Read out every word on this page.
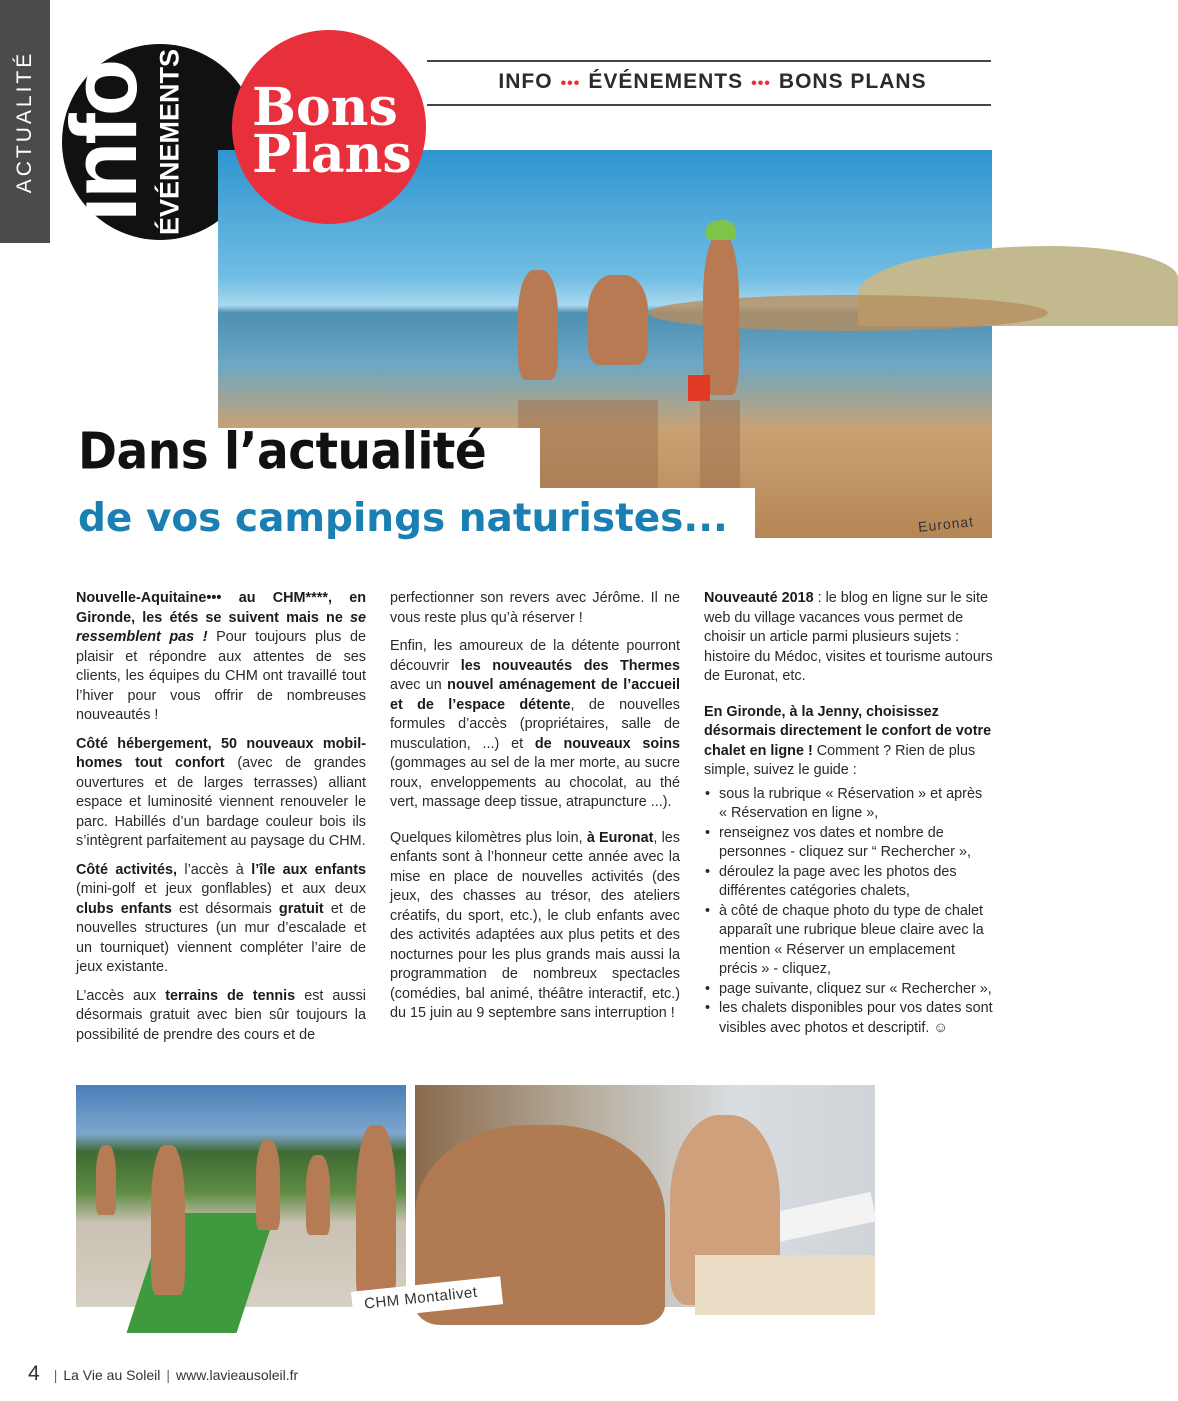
ACTUALITÉ info
ÉVÉNEMENTS Bons
Plans
INFO ••• ÉVÉNEMENTS ••• BONS PLANS
Euronat
Dans l’actualité
de vos campings naturistes...

Nouvelle-Aquitaine••• au CHM****, en Gironde, les étés se suivent mais ne se ressemblent pas ! Pour toujours plus de plaisir et répondre aux attentes de ses clients, les équipes du CHM ont travaillé tout l’hiver pour vous offrir de nombreuses nouveautés !

Côté hébergement, 50 nouveaux mobil-homes tout confort (avec de grandes ouvertures et de larges terrasses) alliant espace et luminosité viennent renouveler le parc. Habillés d’un bardage couleur bois ils s’intègrent parfaitement au paysage du CHM.

Côté activités, l’accès à l’île aux enfants (mini-golf et jeux gonflables) et aux deux clubs enfants est désormais gratuit et de nouvelles structures (un mur d’escalade et un tourniquet) viennent compléter l’aire de jeux existante.

L’accès aux terrains de tennis est aussi désormais gratuit avec bien sûr toujours la possibilité de prendre des cours et de

perfectionner son revers avec Jérôme. Il ne vous reste plus qu’à réserver !

Enfin, les amoureux de la détente pourront découvrir les nouveautés des Thermes avec un nouvel aménagement de l’accueil et de l’espace détente, de nouvelles formules d’accès (propriétaires, salle de musculation, ...) et de nouveaux soins (gommages au sel de la mer morte, au sucre roux, enveloppements au chocolat, au thé vert, massage deep tissue, atrapuncture ...).

Quelques kilomètres plus loin, à Euronat, les enfants sont à l’honneur cette année avec la mise en place de nouvelles activités (des jeux, des chasses au trésor, des ateliers créatifs, du sport, etc.), le club enfants avec des activités adaptées aux plus petits et des nocturnes pour les plus grands mais aussi la programmation de nombreux spectacles (comédies, bal animé, théâtre interactif, etc.) du 15 juin au 9 septembre sans interruption !

Nouveauté 2018 : le blog en ligne sur le site web du village vacances vous permet de choisir un article parmi plusieurs sujets : histoire du Médoc, visites et tourisme autours de Euronat, etc.

En Gironde, à la Jenny, choisissez désormais directement le confort de votre chalet en ligne ! Comment ? Rien de plus simple, suivez le guide :

• sous la rubrique « Réservation » et après « Réservation en ligne »,
• renseignez vos dates et nombre de personnes - cliquez sur “ Rechercher »,
• déroulez la page avec les photos des différentes catégories chalets,
• à côté de chaque photo du type de chalet apparaît une rubrique bleue claire avec la mention « Réserver un emplacement précis » - cliquez,
• page suivante, cliquez sur « Rechercher »,
• les chalets disponibles pour vos dates sont visibles avec photos et descriptif. ☺
CHM Montalivet
4 | La Vie au Soleil | www.lavieausoleil.fr
